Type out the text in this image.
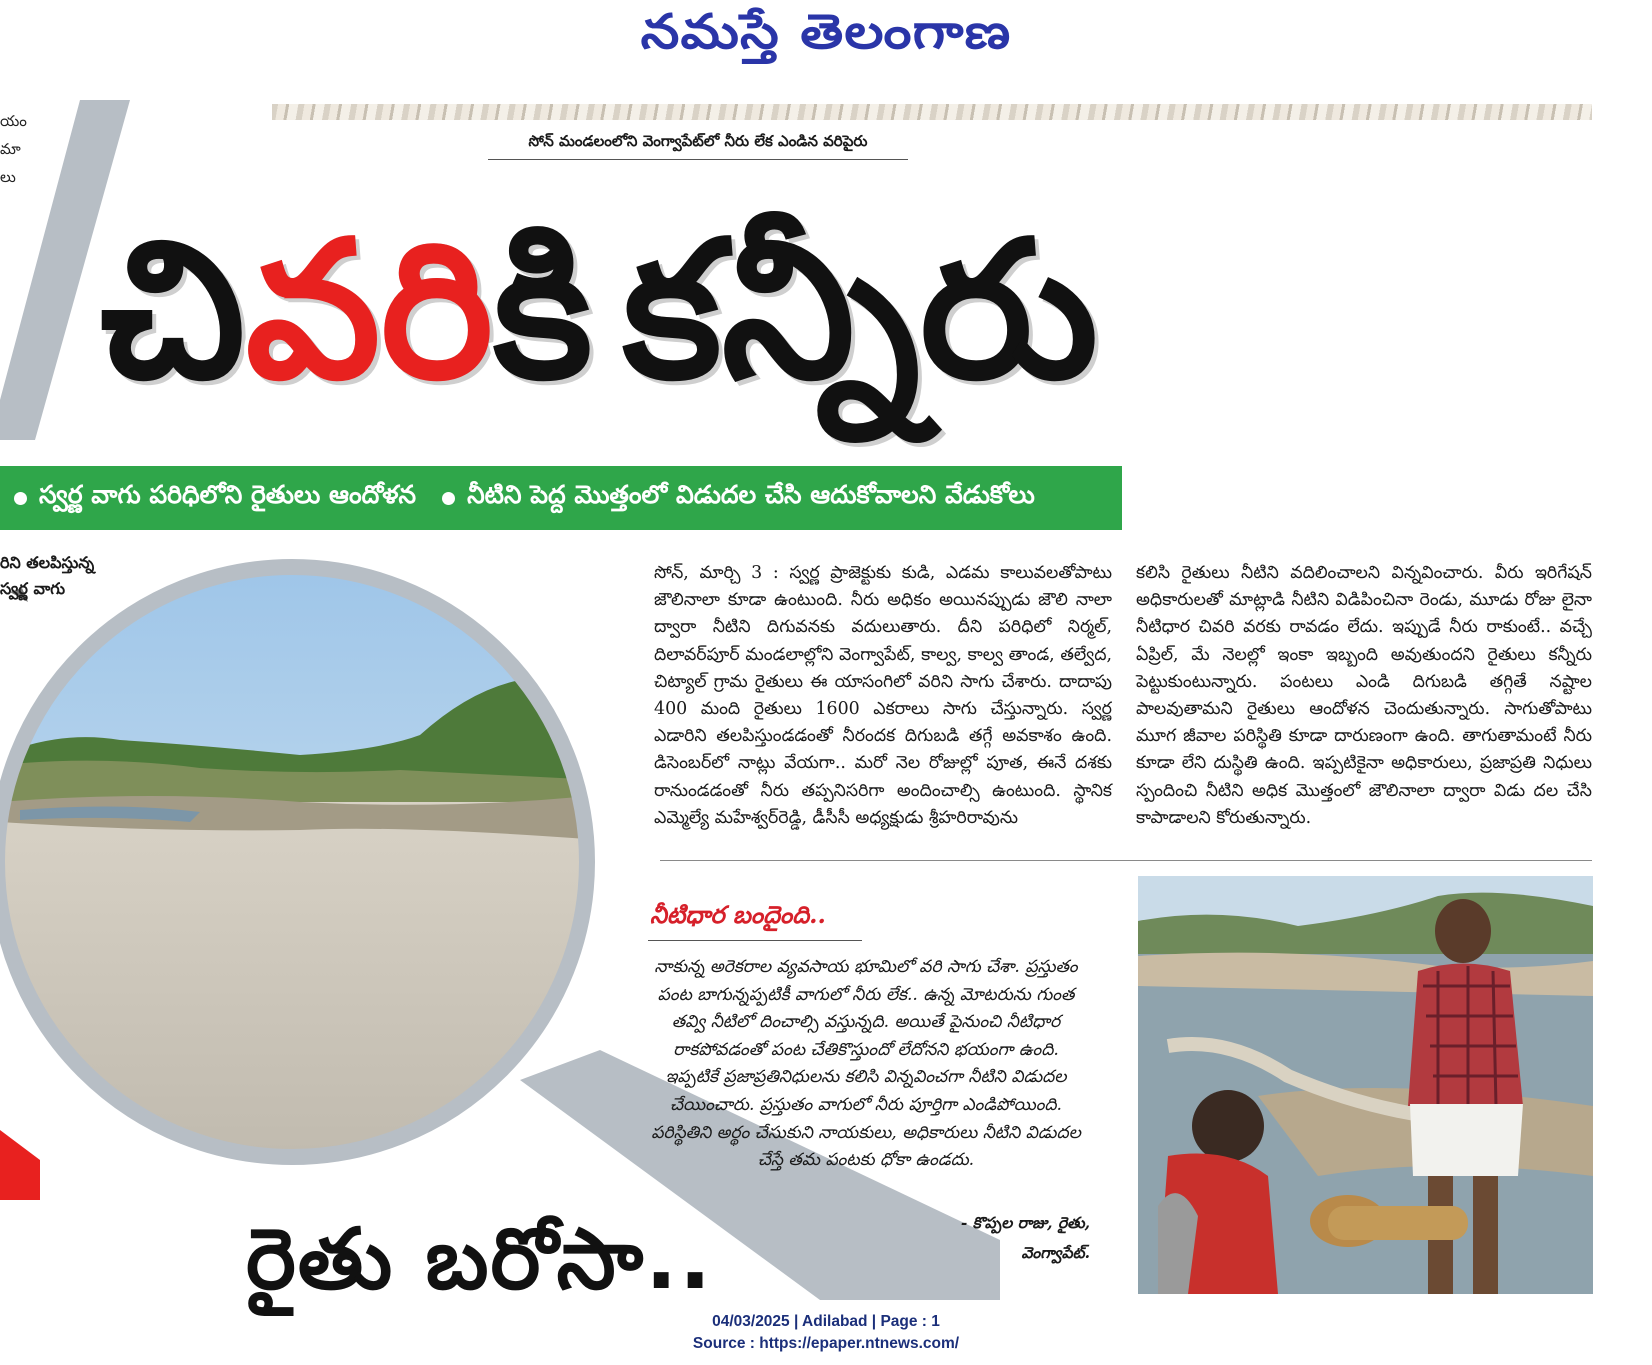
నమస్తే తెలంగాణ
యం
మా
లు
సోన్ మండలంలోని వెంగ్వాపేట్‌లో నీరు లేక ఎండిన వరిపైరు
చివరికి కన్నీరు
స్వర్ణ వాగు పరిధిలోని రైతులు ఆందోళన నీటిని పెద్ద మొత్తంలో విడుదల చేసి ఆదుకోవాలని వేడుకోలు
రిని తలపిస్తున్న
స్వర్ణ వాగు
సోన్, మార్చి 3 : స్వర్ణ ప్రాజెక్టుకు కుడి, ఎడమ కాలువలతోపాటు జౌలినాలా కూడా ఉంటుంది. నీరు అధికం అయినప్పుడు జౌలి నాలా ద్వారా నీటిని దిగువనకు వదులుతారు. దీని పరిధిలో నిర్మల్, దిలావర్‌పూర్ మండలాల్లోని వెంగ్వాపేట్, కాల్వ, కాల్వ తాండ, తల్వేద, చిట్యాల్ గ్రామ రైతులు ఈ యాసంగిలో వరిని సాగు చేశారు. దాదాపు 400 మంది రైతులు 1600 ఎకరాలు సాగు చేస్తున్నారు. స్వర్ణ ఎడారిని తలపిస్తుండడంతో నీరందక దిగుబడి తగ్గే అవకాశం ఉంది. డిసెంబర్‌లో నాట్లు వేయగా.. మరో నెల రోజుల్లో పూత, ఈనే దశకు రానుండడంతో నీరు తప్పనిసరిగా అందించాల్సి ఉంటుంది. స్థానిక ఎమ్మెల్యే మహేశ్వర్‌రెడ్డి, డీసీసీ అధ్యక్షుడు శ్రీహరిరావును
కలిసి రైతులు నీటిని వదిలించాలని విన్నవించారు. వీరు ఇరిగేషన్ అధికారులతో మాట్లాడి నీటిని విడిపించినా రెండు, మూడు రోజు లైనా నీటిధార చివరి వరకు రావడం లేదు. ఇప్పుడే నీరు రాకుంటే.. వచ్చే ఏప్రిల్, మే నెలల్లో ఇంకా ఇబ్బంది అవుతుందని రైతులు కన్నీరు పెట్టుకుంటున్నారు. పంటలు ఎండి దిగుబడి తగ్గితే నష్టాల పాలవుతామని రైతులు ఆందోళన చెందుతున్నారు. సాగుతోపాటు మూగ జీవాల పరిస్థితి కూడా దారుణంగా ఉంది. తాగుతామంటే నీరు కూడా లేని దుస్థితి ఉంది. ఇప్పటికైనా అధికారులు, ప్రజాప్రతి నిధులు స్పందించి నీటిని అధిక మొత్తంలో జౌలినాలా ద్వారా విడు దల చేసి కాపాడాలని కోరుతున్నారు.
నీటిధార బందైంది..
నాకున్న అరెకరాల వ్యవసాయ భూమిలో వరి సాగు చేశా. ప్రస్తుతం పంట బాగున్నప్పటికీ వాగులో నీరు లేక.. ఉన్న మోటరును గుంత తవ్వి నీటిలో దించాల్సి వస్తున్నది. అయితే పైనుంచి నీటిధార రాకపోవడంతో పంట చేతికొస్తుందో లేదోనని భయంగా ఉంది. ఇప్పటికే ప్రజాప్రతినిధులను కలిసి విన్నవించగా నీటిని విడుదల చేయించారు. ప్రస్తుతం వాగులో నీరు పూర్తిగా ఎండిపోయింది. పరిస్థితిని అర్థం చేసుకుని నాయకులు, అధికారులు నీటిని విడుదల చేస్తే తమ పంటకు ధోకా ఉండదు.
- కొప్పల రాజు, రైతు,
వెంగ్వాపేట్.
రైతు బరోసా..
04/03/2025 | Adilabad | Page : 1
Source : https://epaper.ntnews.com/
